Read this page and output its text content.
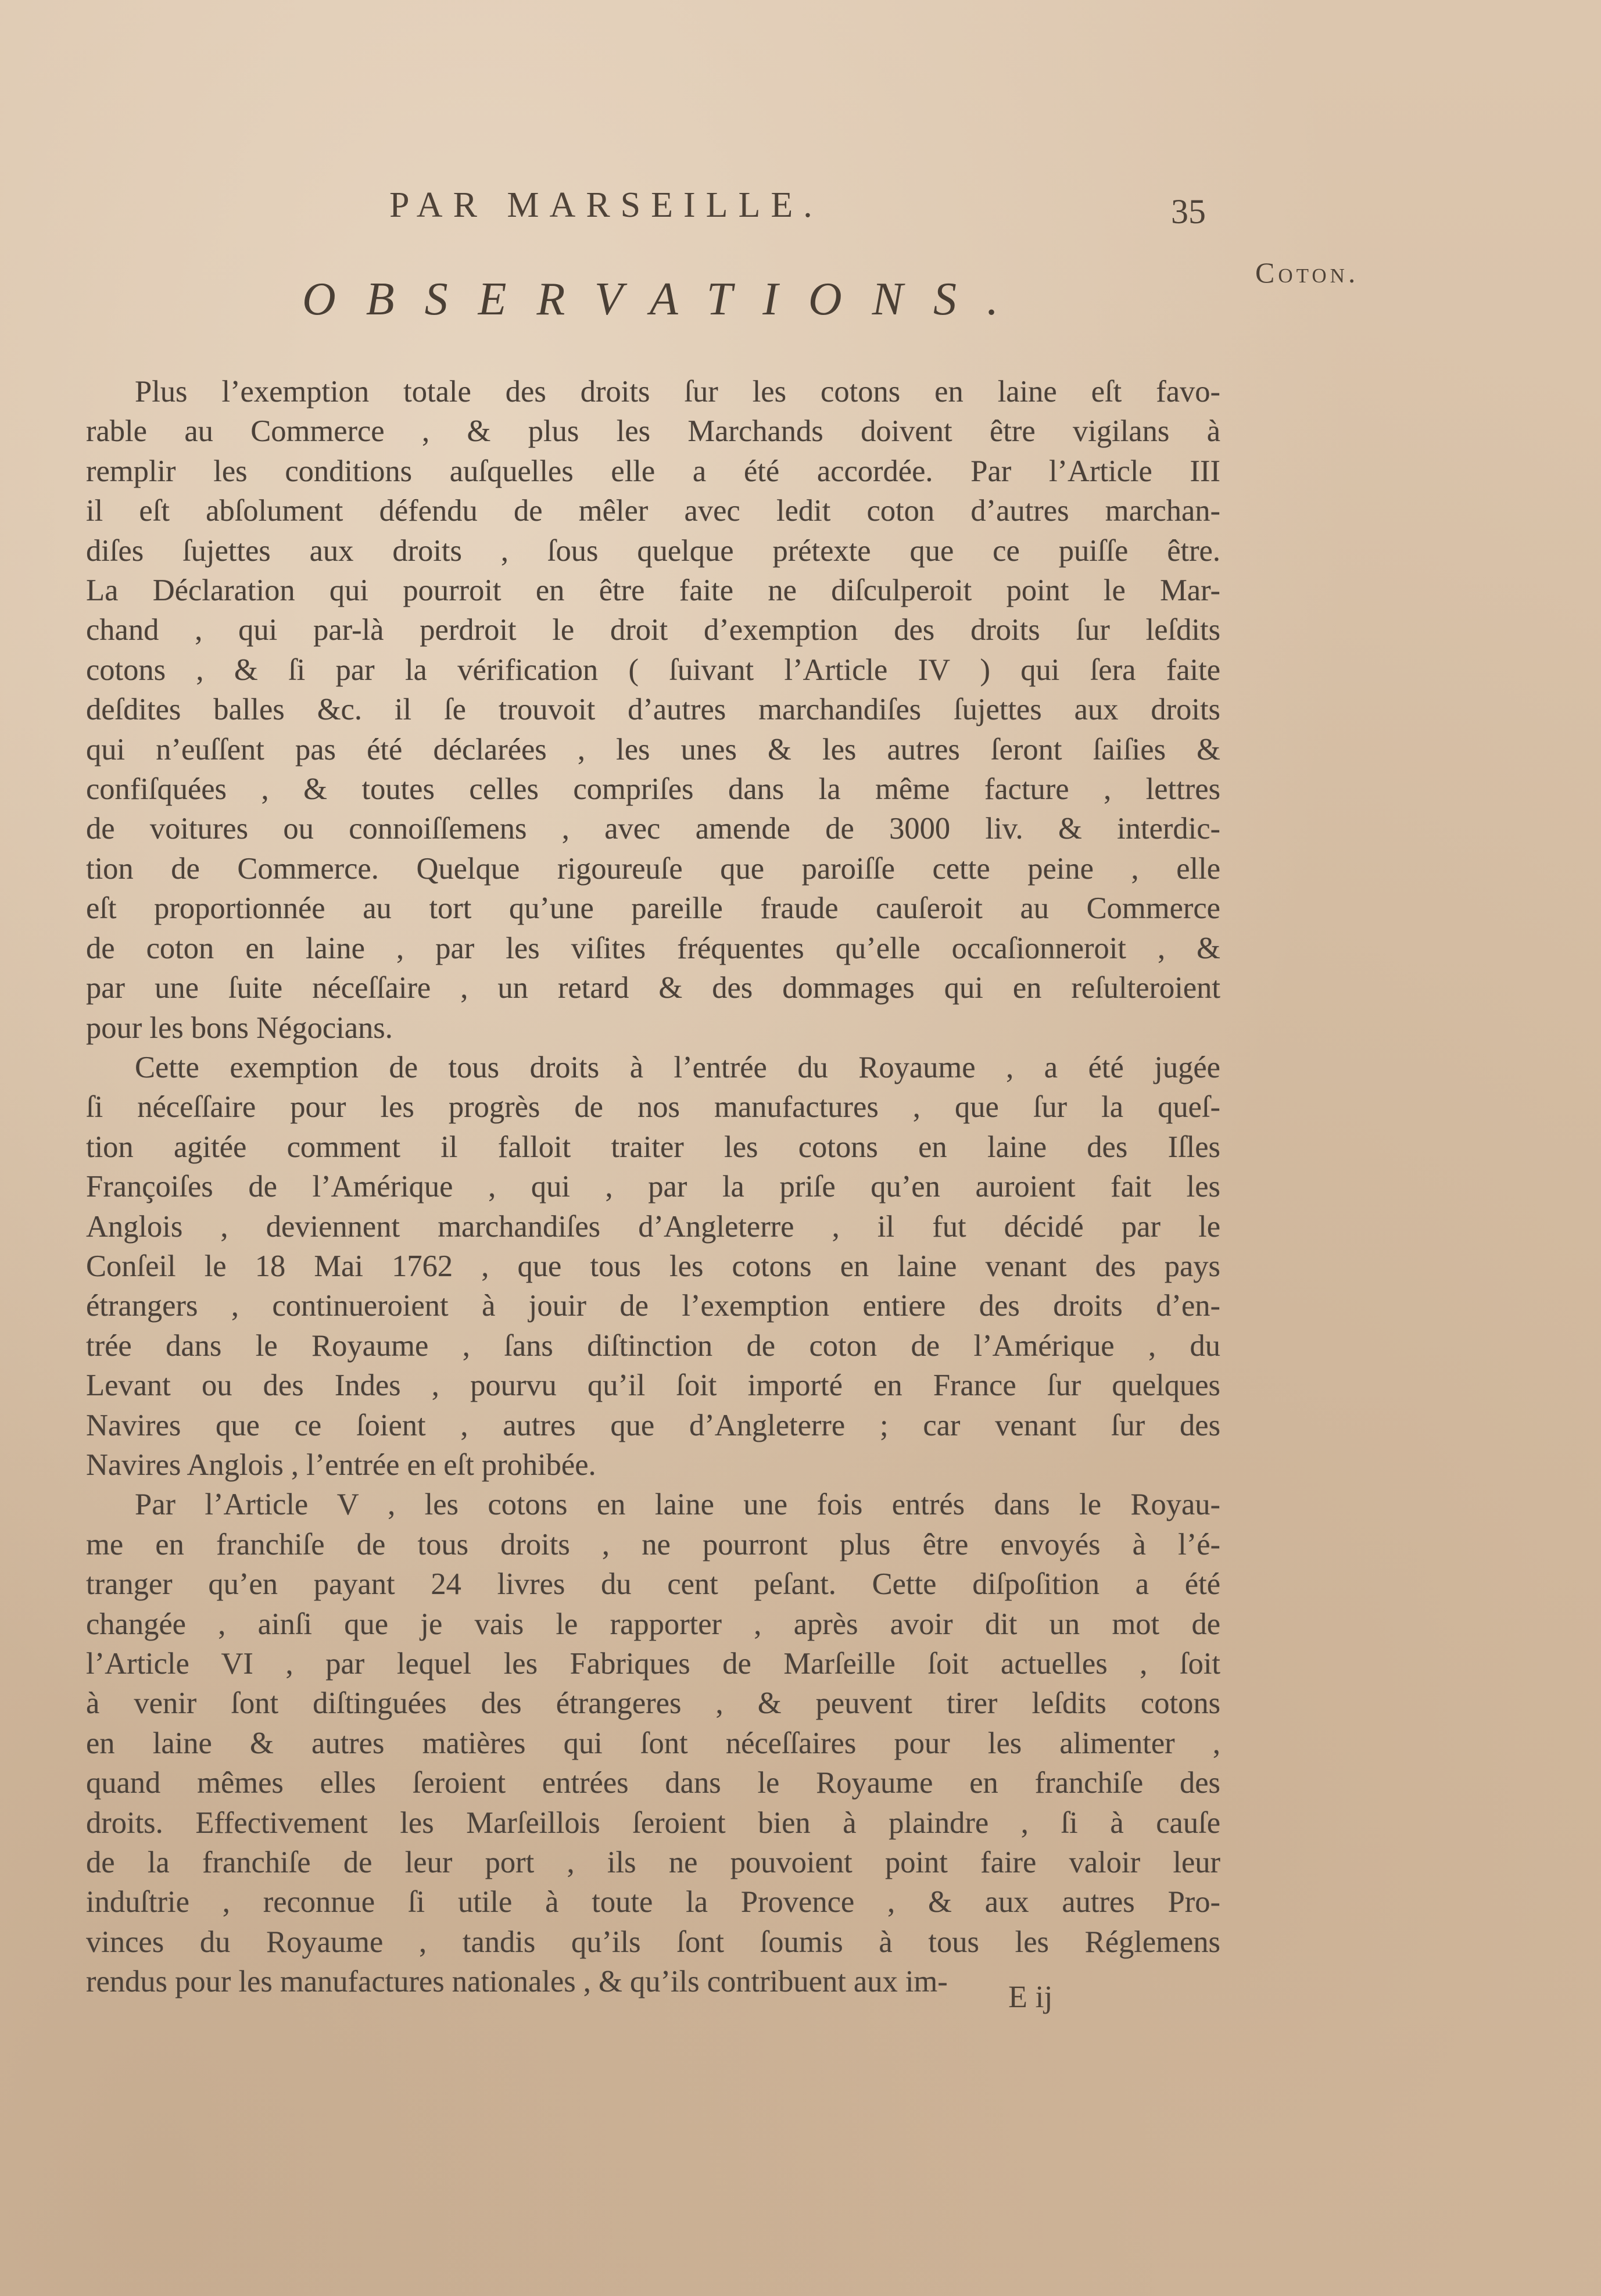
PAR MARSEILLE.	35
Coton.
OBSERVATIONS.
Plus l’exemption totale des droits ſur les cotons en laine eſt favo-
rable au Commerce , & plus les Marchands doivent être vigilans à
remplir les conditions auſquelles elle a été accordée. Par l’Article III
il eſt abſolument défendu de mêler avec ledit coton d’autres marchan-
diſes ſujettes aux droits , ſous quelque prétexte que ce puiſſe être.
La Déclaration qui pourroit en être faite ne diſculperoit point le Mar-
chand , qui par-là perdroit le droit d’exemption des droits ſur leſdits
cotons , & ſi par la vérification ( ſuivant l’Article IV ) qui ſera faite
deſdites balles &c. il ſe trouvoit d’autres marchandiſes ſujettes aux droits
qui n’euſſent pas été déclarées , les unes & les autres ſeront ſaiſies &
confiſquées , & toutes celles compriſes dans la même facture , lettres
de voitures ou connoiſſemens , avec amende de 3000 liv. & interdic-
tion de Commerce. Quelque rigoureuſe que paroiſſe cette peine , elle
eſt proportionnée au tort qu’une pareille fraude cauſeroit au Commerce
de coton en laine , par les viſites fréquentes qu’elle occaſionneroit , &
par une ſuite néceſſaire , un retard & des dommages qui en reſulteroient
pour les bons Négocians.
Cette exemption de tous droits à l’entrée du Royaume , a été jugée
ſi néceſſaire pour les progrès de nos manufactures , que ſur la queſ-
tion agitée comment il falloit traiter les cotons en laine des Iſles
Françoiſes de l’Amérique , qui , par la priſe qu’en auroient fait les
Anglois , deviennent marchandiſes d’Angleterre , il fut décidé par le
Conſeil le 18 Mai 1762 , que tous les cotons en laine venant des pays
étrangers , continueroient à jouir de l’exemption entiere des droits d’en-
trée dans le Royaume , ſans diſtinction de coton de l’Amérique , du
Levant ou des Indes , pourvu qu’il ſoit importé en France ſur quelques
Navires que ce ſoient , autres que d’Angleterre ; car venant ſur des
Navires Anglois , l’entrée en eſt prohibée.
Par l’Article V , les cotons en laine une fois entrés dans le Royau-
me en franchiſe de tous droits , ne pourront plus être envoyés à l’é-
tranger qu’en payant 24 livres du cent peſant. Cette diſpoſition a été
changée , ainſi que je vais le rapporter , après avoir dit un mot de
l’Article VI , par lequel les Fabriques de Marſeille ſoit actuelles , ſoit
à venir ſont diſtinguées des étrangeres , & peuvent tirer leſdits cotons
en laine & autres matières qui ſont néceſſaires pour les alimenter ,
quand mêmes elles ſeroient entrées dans le Royaume en franchiſe des
droits. Effectivement les Marſeillois ſeroient bien à plaindre , ſi à cauſe
de la franchiſe de leur port , ils ne pouvoient point faire valoir leur
induſtrie , reconnue ſi utile à toute la Provence , & aux autres Pro-
vinces du Royaume , tandis qu’ils ſont ſoumis à tous les Réglemens
rendus pour les manufactures nationales , & qu’ils contribuent aux im-	E ij
